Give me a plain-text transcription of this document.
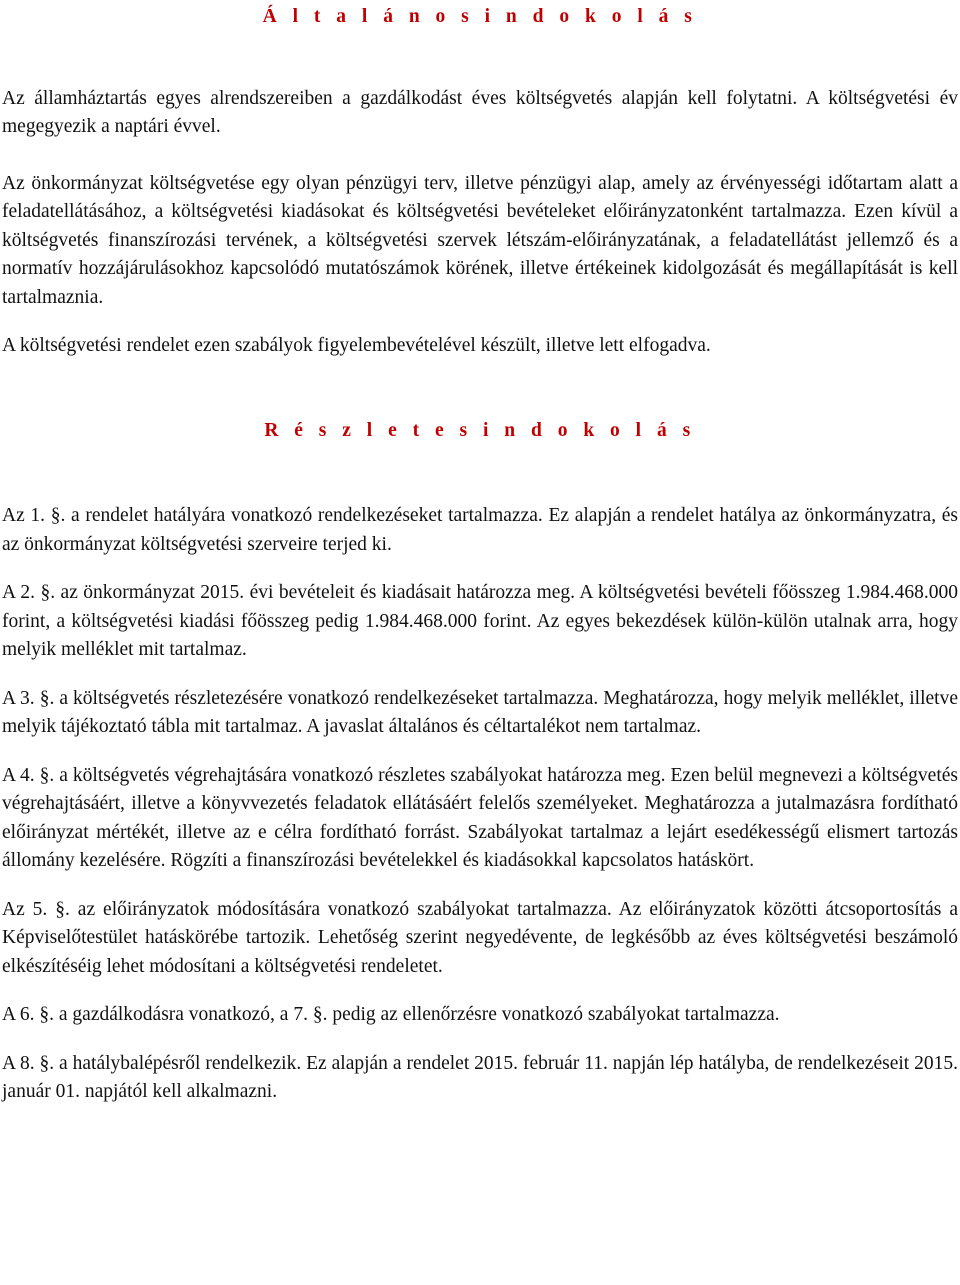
Á l t a l á n o s i n d o k o l á s

Az államháztartás egyes alrendszereiben a gazdálkodást éves költségvetés alapján kell folytatni. A költségvetési év megegyezik a naptári évvel.

Az önkormányzat költségvetése egy olyan pénzügyi terv, illetve pénzügyi alap, amely az érvényességi időtartam alatt a feladatellátásához, a költségvetési kiadásokat és költségvetési bevételeket előirányzatonként tartalmazza. Ezen kívül a költségvetés finanszírozási tervének, a költségvetési szervek létszám-előirányzatának, a feladatellátást jellemző és a normatív hozzájárulásokhoz kapcsolódó mutatószámok körének, illetve értékeinek kidolgozását és megállapítását is kell tartalmaznia.

A költségvetési rendelet ezen szabályok figyelembevételével készült, illetve lett elfogadva.

R é s z l e t e s i n d o k o l á s

Az 1. §. a rendelet hatályára vonatkozó rendelkezéseket tartalmazza. Ez alapján a rendelet hatálya az önkormányzatra, és az önkormányzat költségvetési szerveire terjed ki.

A 2. §. az önkormányzat 2015. évi bevételeit és kiadásait határozza meg. A költségvetési bevételi főösszeg 1.984.468.000 forint, a költségvetési kiadási főösszeg pedig 1.984.468.000 forint. Az egyes bekezdések külön-külön utalnak arra, hogy melyik melléklet mit tartalmaz.

A 3. §. a költségvetés részletezésére vonatkozó rendelkezéseket tartalmazza. Meghatározza, hogy melyik melléklet, illetve melyik tájékoztató tábla mit tartalmaz. A javaslat általános és céltartalékot nem tartalmaz.

A 4. §. a költségvetés végrehajtására vonatkozó részletes szabályokat határozza meg. Ezen belül megnevezi a költségvetés végrehajtásáért, illetve a könyvvezetés feladatok ellátásáért felelős személyeket. Meghatározza a jutalmazásra fordítható előirányzat mértékét, illetve az e célra fordítható forrást. Szabályokat tartalmaz a lejárt esedékességű elismert tartozás állomány kezelésére. Rögzíti a finanszírozási bevételekkel és kiadásokkal kapcsolatos hatáskört.

Az 5. §. az előirányzatok módosítására vonatkozó szabályokat tartalmazza. Az előirányzatok közötti átcsoportosítás a Képviselőtestület hatáskörébe tartozik. Lehetőség szerint negyedévente, de legkésőbb az éves költségvetési beszámoló elkészítéséig lehet módosítani a költségvetési rendeletet.

A 6. §. a gazdálkodásra vonatkozó, a 7. §. pedig az ellenőrzésre vonatkozó szabályokat tartalmazza.

A 8. §. a hatálybalépésről rendelkezik. Ez alapján a rendelet 2015. február 11. napján lép hatályba, de rendelkezéseit 2015. január 01. napjától kell alkalmazni.
